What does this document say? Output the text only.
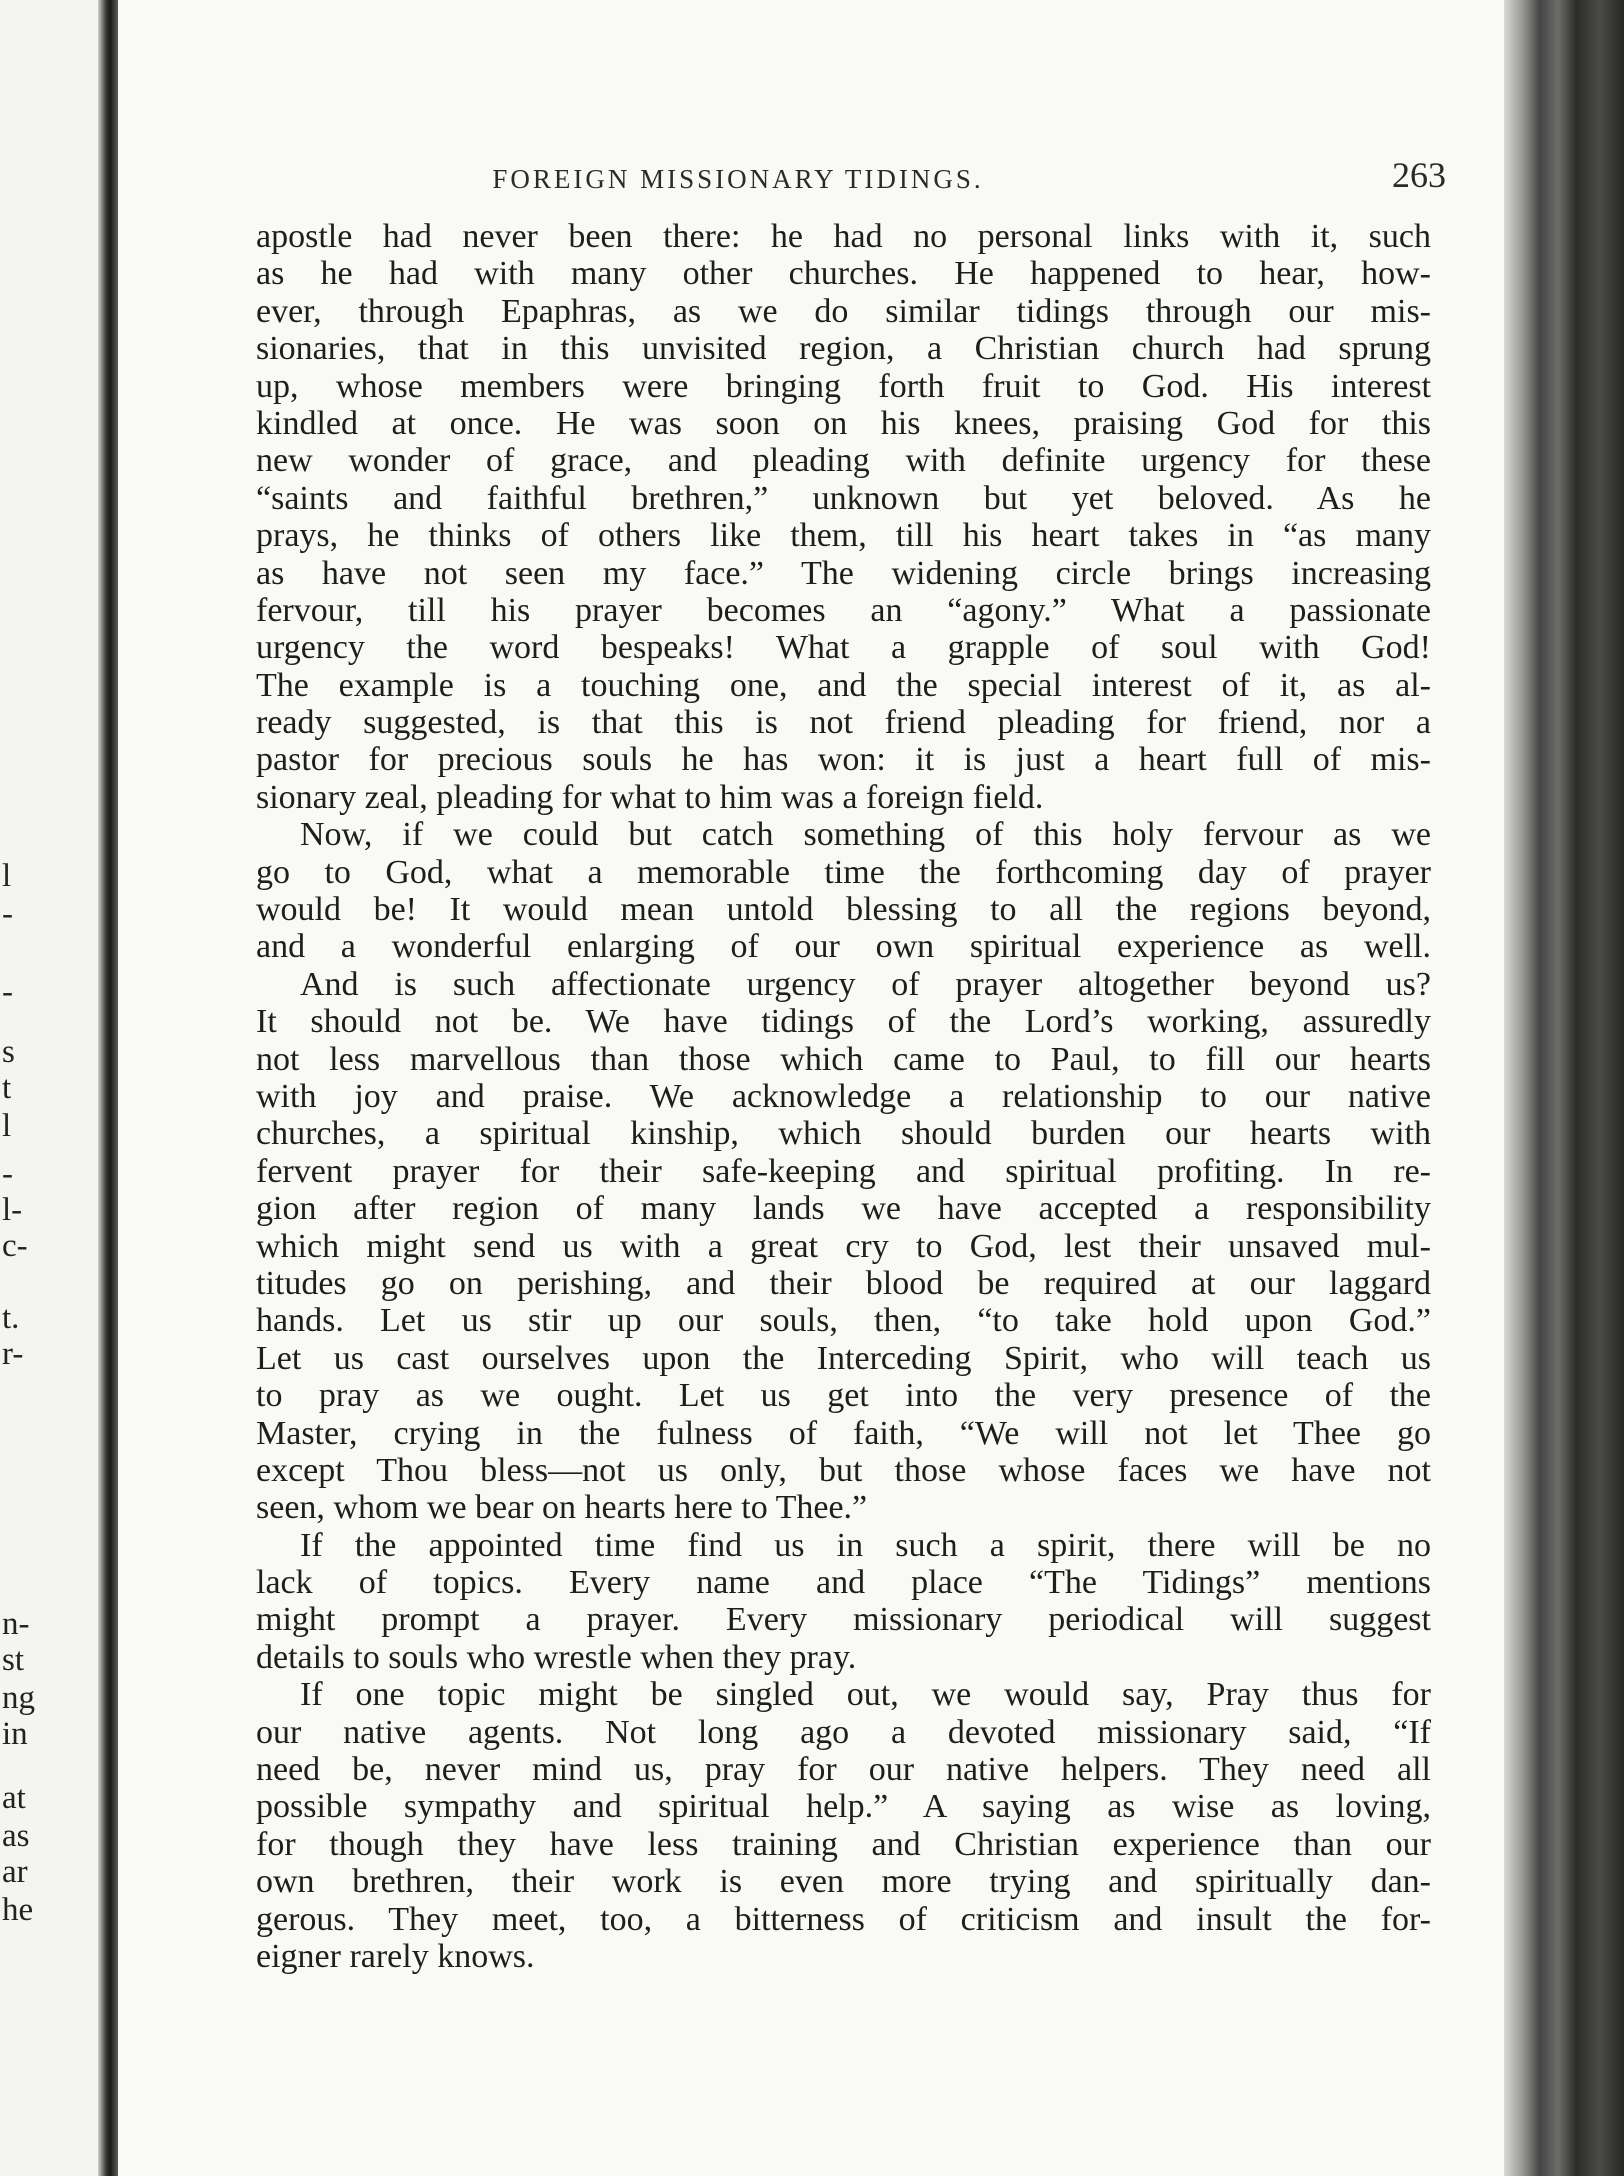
l
-
-
s
t
l
-
l-
c-
t.
r-
n-
st
ng
in
at
as
ar
he
FOREIGN MISSIONARY TIDINGS.	263
apostle had never been there: he had no personal links with it, such
as he had with many other churches. He happened to hear, how-
ever, through Epaphras, as we do similar tidings through our mis-
sionaries, that in this unvisited region, a Christian church had sprung
up, whose members were bringing forth fruit to God. His interest
kindled at once. He was soon on his knees, praising God for this
new wonder of grace, and pleading with definite urgency for these
“saints and faithful brethren,” unknown but yet beloved. As he
prays, he thinks of others like them, till his heart takes in “as many
as have not seen my face.” The widening circle brings increasing
fervour, till his prayer becomes an “agony.” What a passionate
urgency the word bespeaks! What a grapple of soul with God!
The example is a touching one, and the special interest of it, as al-
ready suggested, is that this is not friend pleading for friend, nor a
pastor for precious souls he has won: it is just a heart full of mis-
sionary zeal, pleading for what to him was a foreign field.
Now, if we could but catch something of this holy fervour as we
go to God, what a memorable time the forthcoming day of prayer
would be! It would mean untold blessing to all the regions beyond,
and a wonderful enlarging of our own spiritual experience as well.
And is such affectionate urgency of prayer altogether beyond us?
It should not be. We have tidings of the Lord’s working, assuredly
not less marvellous than those which came to Paul, to fill our hearts
with joy and praise. We acknowledge a relationship to our native
churches, a spiritual kinship, which should burden our hearts with
fervent prayer for their safe-keeping and spiritual profiting. In re-
gion after region of many lands we have accepted a responsibility
which might send us with a great cry to God, lest their unsaved mul-
titudes go on perishing, and their blood be required at our laggard
hands. Let us stir up our souls, then, “to take hold upon God.”
Let us cast ourselves upon the Interceding Spirit, who will teach us
to pray as we ought. Let us get into the very presence of the
Master, crying in the fulness of faith, “We will not let Thee go
except Thou bless—not us only, but those whose faces we have not
seen, whom we bear on hearts here to Thee.”
If the appointed time find us in such a spirit, there will be no
lack of topics. Every name and place “The Tidings” mentions
might prompt a prayer. Every missionary periodical will suggest
details to souls who wrestle when they pray.
If one topic might be singled out, we would say, Pray thus for
our native agents. Not long ago a devoted missionary said, “If
need be, never mind us, pray for our native helpers. They need all
possible sympathy and spiritual help.” A saying as wise as loving,
for though they have less training and Christian experience than our
own brethren, their work is even more trying and spiritually dan-
gerous. They meet, too, a bitterness of criticism and insult the for-
eigner rarely knows.
